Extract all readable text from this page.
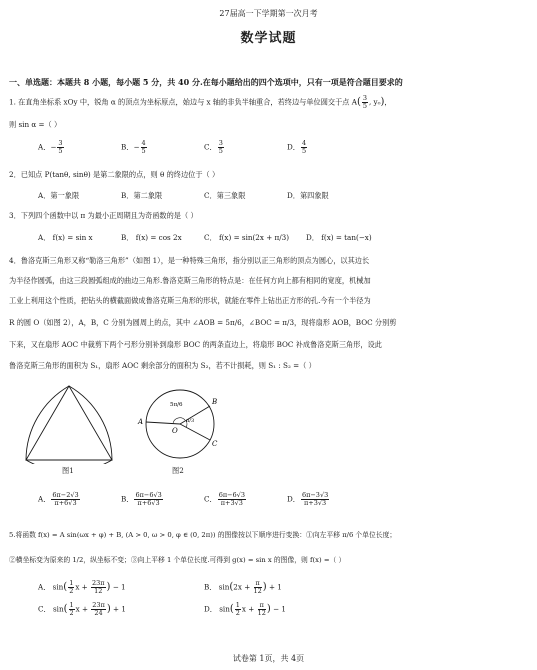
27届高一下学期第一次月考
数学试题
一、单选题：本题共 8 小题，每小题 5 分，共 40 分.在每小题给出的四个选项中，只有一项是符合题目要求的
1. 在直角坐标系 xOy 中，锐角 α 的顶点为坐标原点，始边与 x 轴的非负半轴重合，若终边与单位圆交于点 $A( \frac{3}{5}$ , y₀)，
则 sin α =（ ）
A．− $\frac{3}{5}$	B．− $\frac{4}{5}$	C． $\frac{3}{5}$	D． $\frac{4}{5}$
2．已知点 P(tanθ, sinθ) 是第二象限的点，则 θ 的终边位于（ ）
A．第一象限	B．第二象限	C．第三象限	D．第四象限
3．下列四个函数中以 π 为最小正周期且为奇函数的是（ ）
A． f(x) = sin x	B． f(x) = cos 2x	C． f(x) = sin(2x + π/3) D． f(x) = tan(−x)
4．鲁洛克斯三角形又称“勒洛三角形”（如图 1），是一种特殊三角形，指分别以正三角形的顶点为圆心，以其边长
为半径作圆弧，由这三段圆弧组成的曲边三角形.鲁洛克斯三角形的特点是：在任何方向上都有相同的宽度，机械加
工业上利用这个性质，把钻头的横截面做成鲁洛克斯三角形的形状，就能在零件上钻出正方形的孔.今有一个半径为
R 的圆 O（如图 2），A，B，C 分别为圆周上的点，其中 ∠AOB = 5π/6，∠BOC = π/3，现将扇形 AOB，BOC 分别剪
下来，又在扇形 AOC 中裁剪下两个弓形分别补到扇形 BOC 的两条直边上，将扇形 BOC 补成鲁洛克斯三角形，设此
鲁洛克斯三角形的面积为 S₁，扇形 AOC 剩余部分的面积为 S₂，若不计损耗，则 S₁ : S₂ =（ ）
图1
A
B
C
O
5π/6
π/3
图2
A． $\frac{6\pi-2√3}{\pi+6√3}$	B． $\frac{6\pi-6√3}{\pi+6√3}$	C． $\frac{6\pi-6√3}{\pi+3√3}$	D． $\frac{6\pi-3√3}{\pi+3√3}$
5.将函数 f(x) = A sin(ωx + φ) + B, (A > 0, ω > 0, φ ∈ (0, 2π)) 的图像按以下顺序进行变换：①向左平移 π/6 个单位长度；
②横坐标变为原来的 1/2，纵坐标不变；③向上平移 1 个单位长度.可得到 g(x) = sin x 的图像，则 f(x) =（ ）
A． $\sin( \frac{1}{2}$ $x + \frac{23\pi}{12}$ ) − 1	B． $\sin(2x + \frac{\pi}{12}$ ) + 1
C． $\sin( \frac{1}{2}$ $x + \frac{23\pi}{24}$ ) + 1	D． $\sin( \frac{1}{2}$ $x + \frac{\pi}{12}$ ) − 1
试卷第 1页，共 4页
